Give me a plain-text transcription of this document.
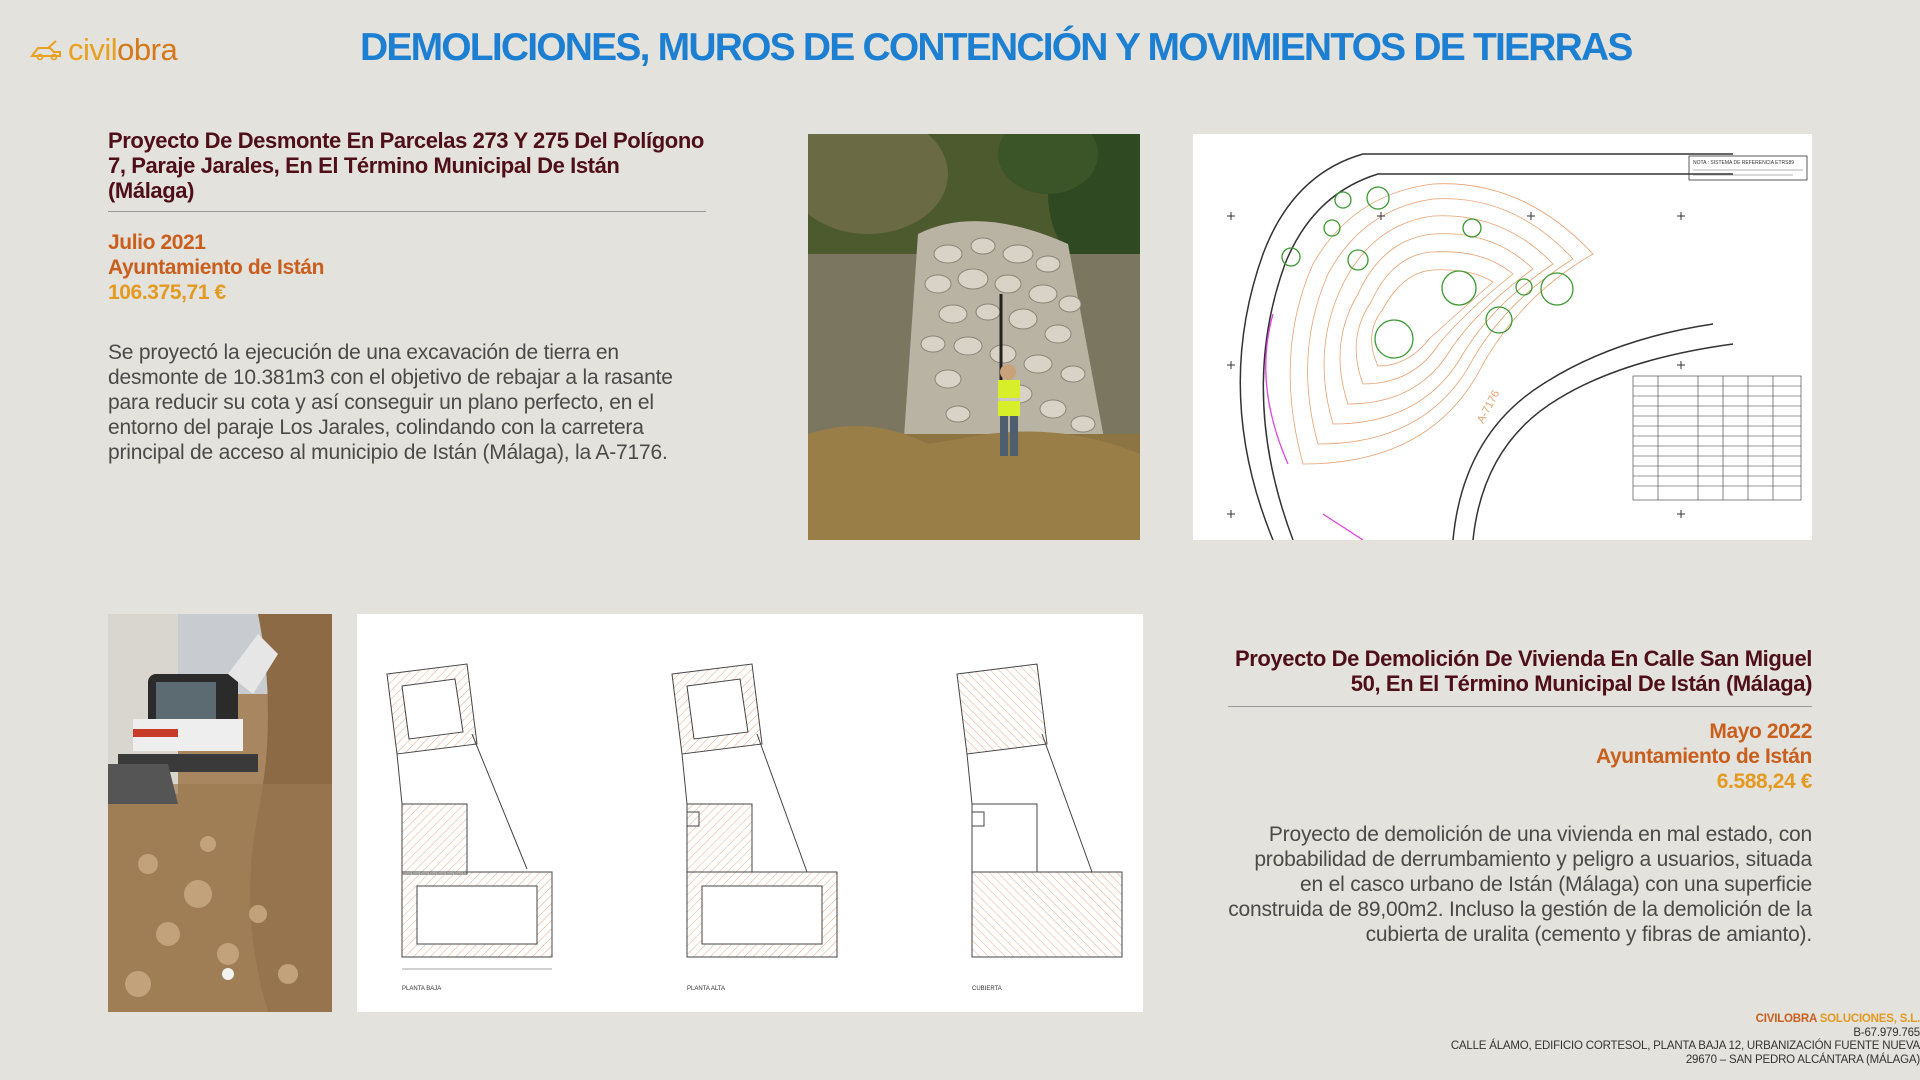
civilobra	DEMOLICIONES, MUROS DE CONTENCIÓN Y MOVIMIENTOS DE TIERRAS
Proyecto De Desmonte En Parcelas 273 Y 275 Del Polígono 7, Paraje Jarales, En El Término Municipal De Istán (Málaga)
Julio 2021
Ayuntamiento de Istán
106.375,71 €

Se proyectó la ejecución de una excavación de tierra en desmonte de 10.381m3 con el objetivo de rebajar a la rasante para reducir su cota y así conseguir un plano perfecto, en el entorno del paraje Los Jarales, colindando con la carretera principal de acceso al municipio de Istán (Málaga), la A-7176.

A-7176
NOTA : SISTEMA DE REFERENCIA ETRS89
PLANTA BAJA	PLANTA ALTA	CUBIERTA
Proyecto De Demolición De Vivienda En Calle San Miguel 50, En El Término Municipal De Istán (Málaga)
Mayo 2022
Ayuntamiento de Istán
6.588,24 €

Proyecto de demolición de una vivienda en mal estado, con probabilidad de derrumbamiento y peligro a usuarios, situada en el casco urbano de Istán (Málaga) con una superficie construida de 89,00m2. Incluso la gestión de la demolición de la cubierta de uralita (cemento y fibras de amianto).

CIVILOBRA SOLUCIONES, S.L.
B-67.979.765
CALLE ÁLAMO, EDIFICIO CORTESOL, PLANTA BAJA 12, URBANIZACIÓN FUENTE NUEVA
29670 – SAN PEDRO ALCÁNTARA (MÁLAGA)
